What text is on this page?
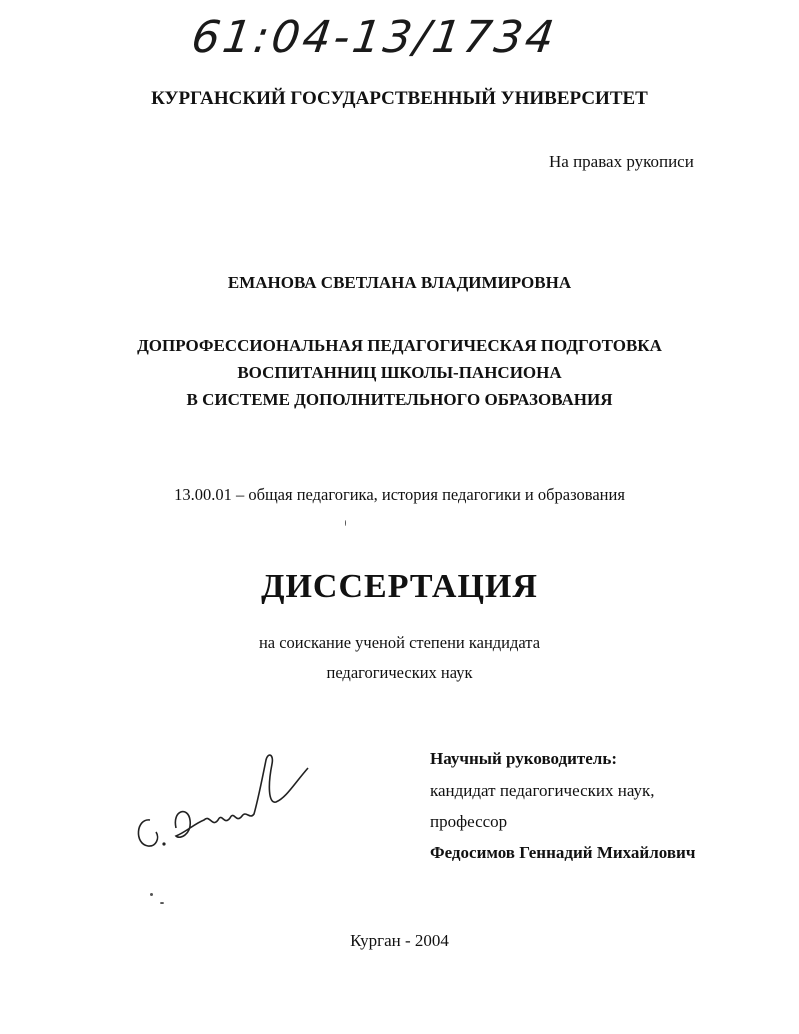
61:04-13/1734
КУРГАНСКИЙ ГОСУДАРСТВЕННЫЙ УНИВЕРСИТЕТ
На правах рукописи
ЕМАНОВА СВЕТЛАНА ВЛАДИМИРОВНА
ДОПРОФЕССИОНАЛЬНАЯ ПЕДАГОГИЧЕСКАЯ ПОДГОТОВКА
ВОСПИТАННИЦ ШКОЛЫ-ПАНСИОНА
В СИСТЕМЕ ДОПОЛНИТЕЛЬНОГО ОБРАЗОВАНИЯ
13.00.01 – общая педагогика, история педагогики и образования
ДИССЕРТАЦИЯ
на соискание ученой степени кандидата
педагогических наук
Научный руководитель:
кандидат педагогических наук,
профессор
Федосимов Геннадий Михайлович
Курган - 2004
